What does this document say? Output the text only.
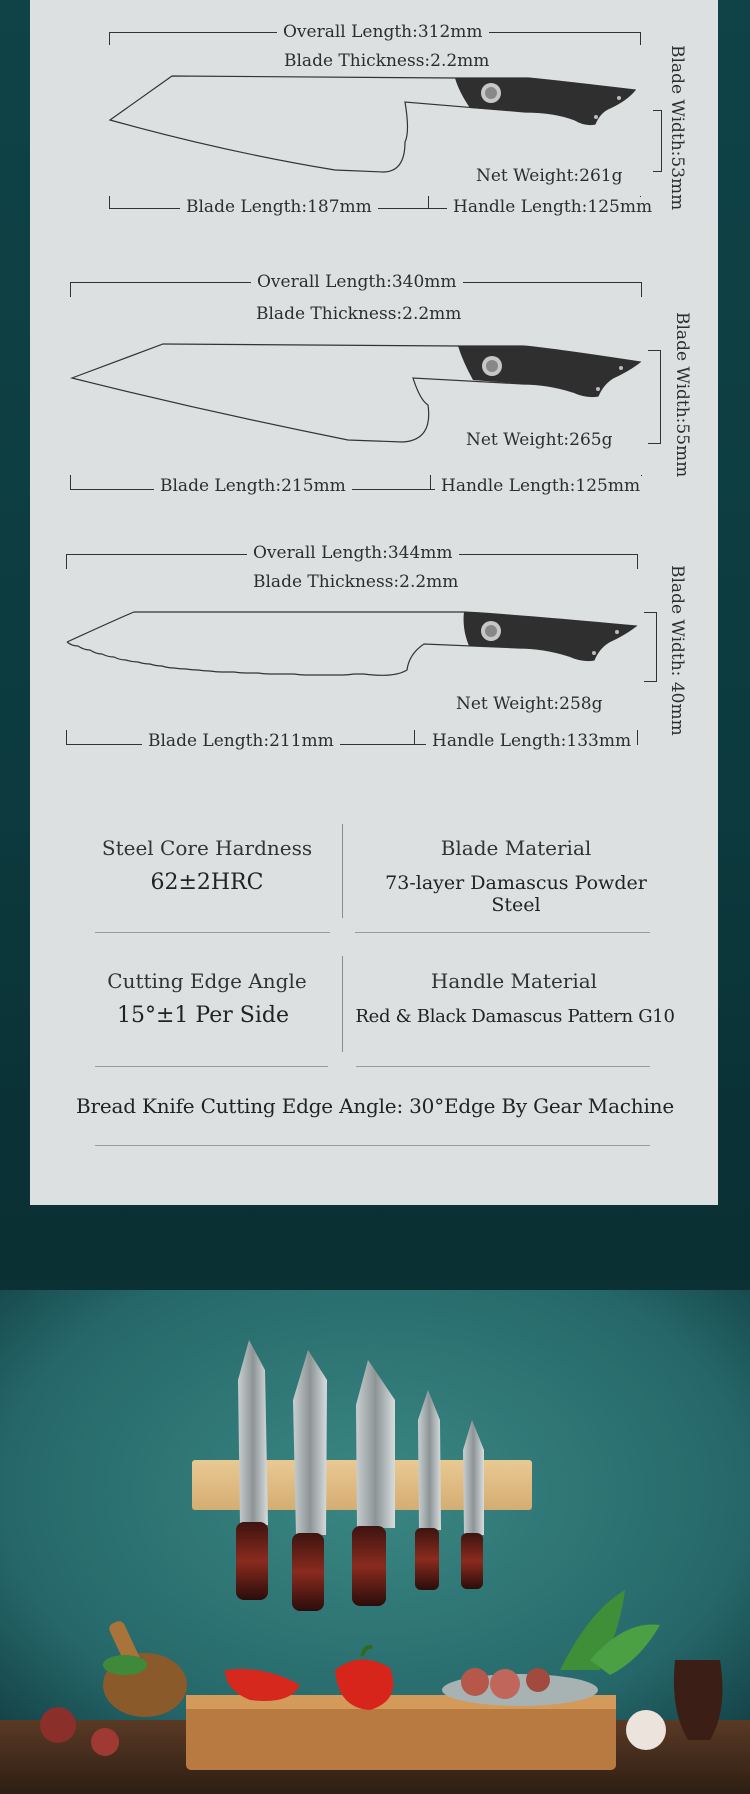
Overall Length:312mm
Blade Thickness:2.2mm	Blade Width:53mm
Net Weight:261g
Blade Length:187mm	Handle Length:125mm
Overall Length:340mm
Blade Thickness:2.2mm	Blade Width:55mm
Net Weight:265g
Blade Length:215mm	Handle Length:125mm
Overall Length:344mm
Blade Thickness:2.2mm	Blade Width: 40mm
Net Weight:258g
Blade Length:211mm	Handle Length:133mm
Steel Core Hardness
62±2HRC
Blade Material
73-layer Damascus Powder Steel
Cutting Edge Angle
15°±1 Per Side
Handle Material
Red & Black Damascus Pattern G10
Bread Knife Cutting Edge Angle: 30°Edge By Gear Machine
